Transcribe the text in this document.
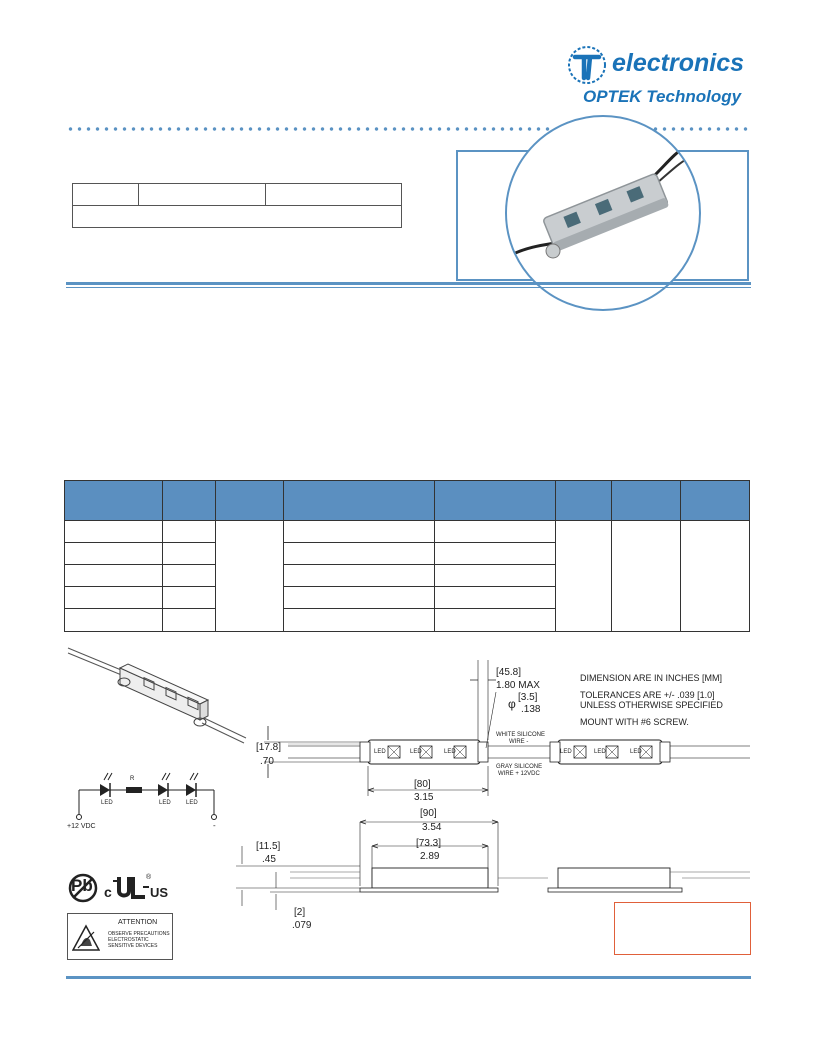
electronics
OPTEK Technology
R
LED	LED	LED
+12 VDC	-
Pb c	US
®
ATTENTION
OBSERVE PRECAUTIONS
ELECTROSTATIC
SENSITIVE DEVICES
[17.8]
.70
[45.8]
1.80 MAX
φ [3.5]
.138
[80]
3.15
WHITE SILICONE
WIRE -
GRAY SILICONE
WIRE + 12VDC
LED	LED	LED	LED	LED	LED
DIMENSION ARE IN INCHES [MM]
TOLERANCES ARE +/- .039 [1.0]
UNLESS OTHERWISE SPECIFIED
MOUNT WITH #6 SCREW.
[90]
3.54
[73.3]
2.89
[11.5]
.45
[2]
.079
